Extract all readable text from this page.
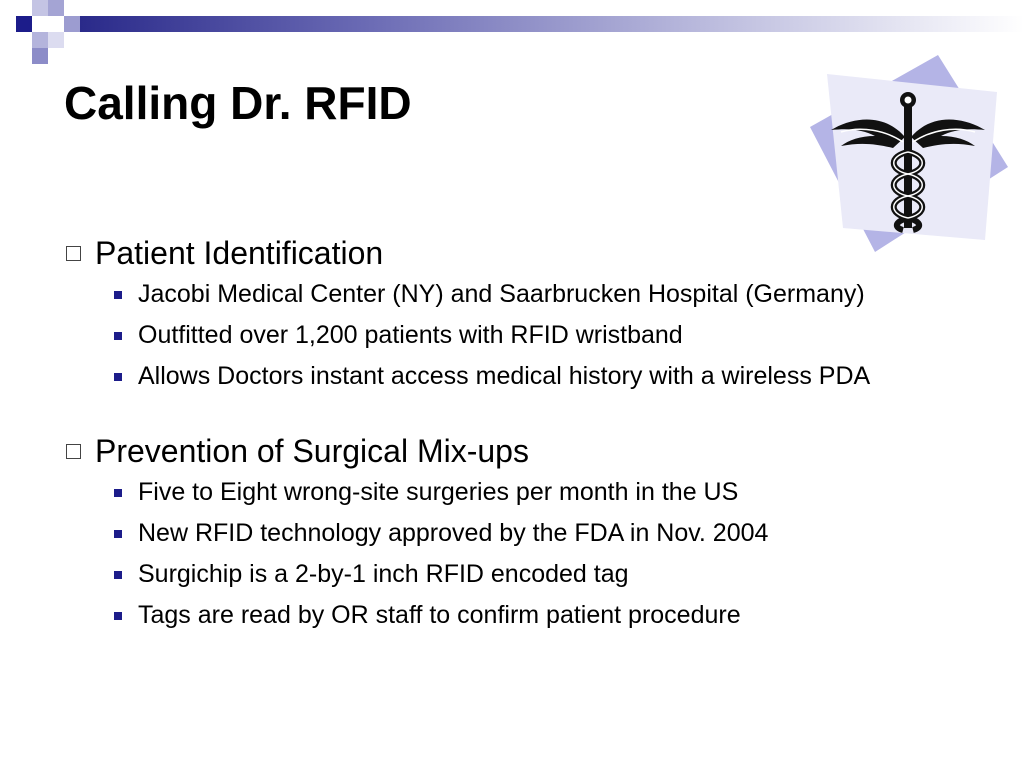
Calling Dr. RFID
Patient Identification
Jacobi Medical Center (NY) and Saarbrucken Hospital (Germany)
Outfitted over 1,200 patients with RFID wristband
Allows Doctors instant access medical history with a wireless PDA
Prevention of Surgical Mix-ups
Five to Eight wrong-site surgeries per month in the US
New RFID technology approved by the FDA in Nov. 2004
Surgichip is a 2-by-1 inch RFID encoded tag
Tags are read by OR staff to confirm patient procedure
